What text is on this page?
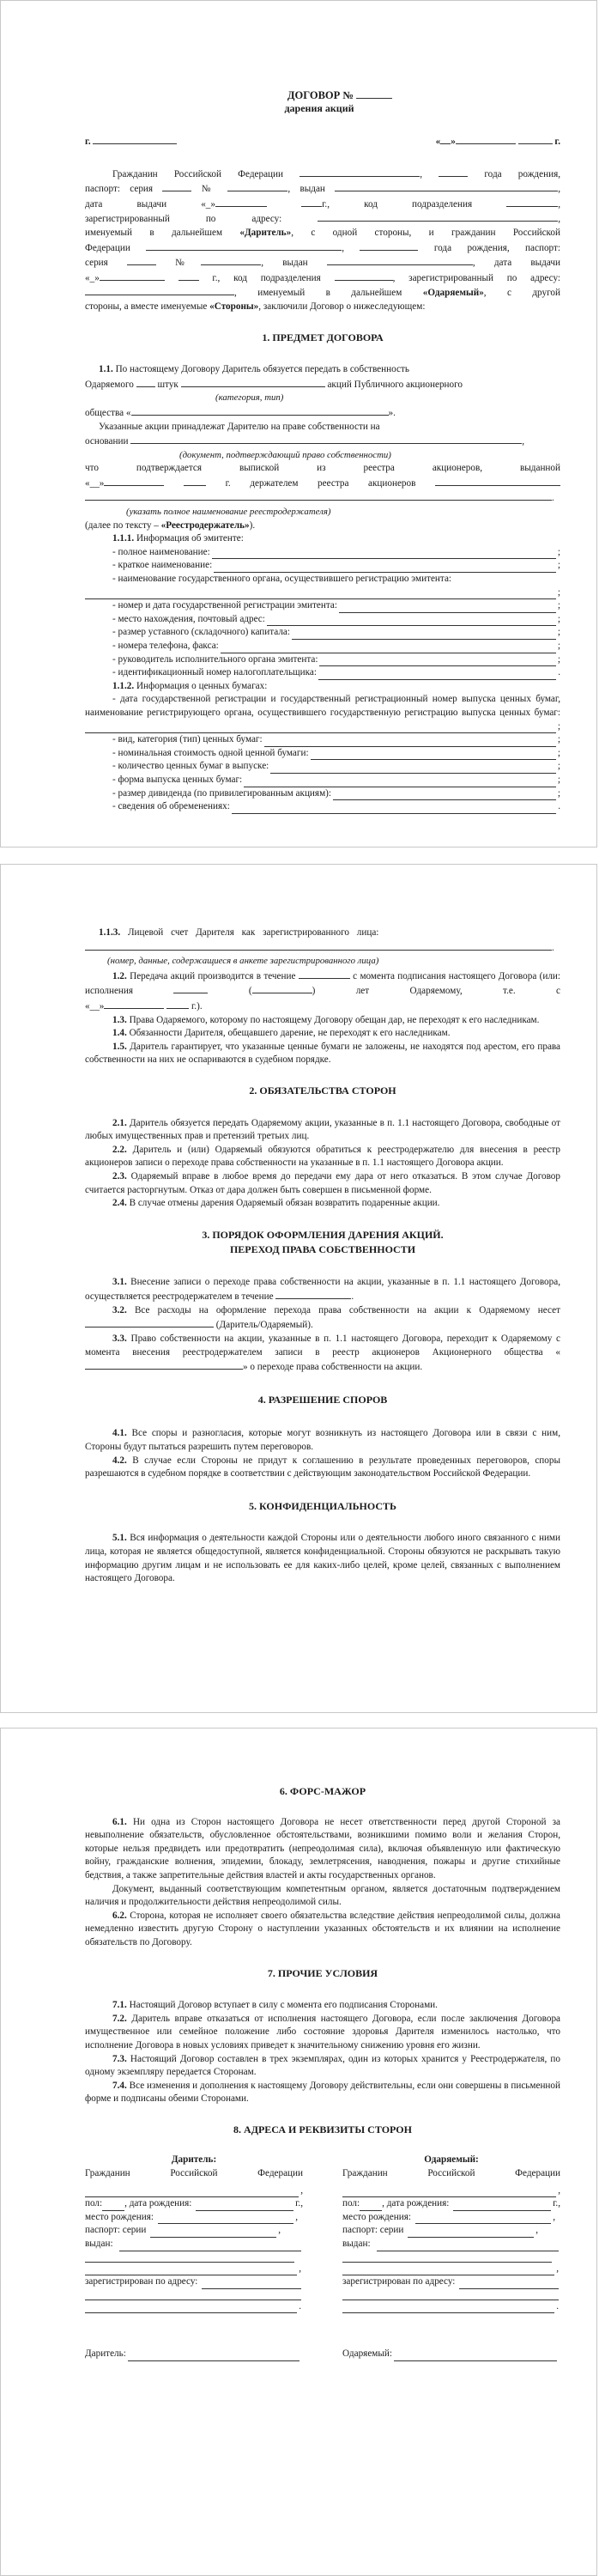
ДОГОВОР №
дарения акций
г.	« »	г.

Гражданин Российской Федерации	,	года рождения,

паспорт: серия	№	, выдан	,

дата выдачи «_»	г., код подразделения	,

зарегистрированный по адресу:	,

именуемый в дальнейшем «Даритель», с одной стороны, и гражданин Российской

Федерации	,	года рождения, паспорт:

серия	№	, выдан	, дата выдачи

«_»	г., код подразделения	, зарегистрированный по адресу:

, именуемый в дальнейшем «Одаряемый», с другой

стороны, а вместе именуемые «Стороны», заключили Договор о нижеследующем:

1. ПРЕДМЕТ ДОГОВОРА

1.1. По настоящему Договору Даритель обязуется передать в собственность

Одаряемого штук	акций Публичного акционерного

(категория, тип)

общества «	».

Указанные акции принадлежат Дарителю на праве собственности на

основании	,

(документ, подтверждающий право собственности)

что подтверждается выпиской из реестра акционеров, выданной

«__»	г. держателем реестра акционеров

.

(указать полное наименование реестродержателя)

(далее по тексту – «Реестродержатель»).

1.1.1. Информация об эмитенте:

- полное наименование:	;
- краткое наименование:	;
- наименование государственного органа, осуществившего регистрацию эмитента:
;
- номер и дата государственной регистрации эмитента:	;
- место нахождения, почтовый адрес:	;
- размер уставного (складочного) капитала:	;
- номера телефона, факса:	;
- руководитель исполнительного органа эмитента:	;
- идентификационный номер налогоплательщика:	.

1.1.2. Информация о ценных бумагах:

- дата государственной регистрации и государственный регистрационный номер выпуска ценных бумаг, наименование регистрирующего органа, осуществившего государственную регистрацию выпуска ценных бумаг:

;
- вид, категория (тип) ценных бумаг:	;
- номинальная стоимость одной ценной бумаги:	;
- количество ценных бумаг в выпуске:	;
- форма выпуска ценных бумаг:	;
- размер дивиденда (по привилегированным акциям):	;
- сведения об обременениях:	.

1.1.3. Лицевой счет Дарителя как зарегистрированного лица:

.

(номер, данные, содержащиеся в анкете зарегистрированного лица)

1.2. Передача акций производится в течение	с момента подписания настоящего Договора (или: исполнения	(	) лет Одаряемому, т.е. с

«__»	г.).

1.3. Права Одаряемого, которому по настоящему Договору обещан дар, не переходят к его наследникам.

1.4. Обязанности Дарителя, обещавшего дарение, не переходят к его наследникам.

1.5. Даритель гарантирует, что указанные ценные бумаги не заложены, не находятся под арестом, его права собственности на них не оспариваются в судебном порядке.

2. ОБЯЗАТЕЛЬСТВА СТОРОН

2.1. Даритель обязуется передать Одаряемому акции, указанные в п. 1.1 настоящего Договора, свободные от любых имущественных прав и претензий третьих лиц.

2.2. Даритель и (или) Одаряемый обязуются обратиться к реестродержателю для внесения в реестр акционеров записи о переходе права собственности на указанные в п. 1.1 настоящего Договора акции.

2.3. Одаряемый вправе в любое время до передачи ему дара от него отказаться. В этом случае Договор считается расторгнутым. Отказ от дара должен быть совершен в письменной форме.

2.4. В случае отмены дарения Одаряемый обязан возвратить подаренные акции.

3. ПОРЯДОК ОФОРМЛЕНИЯ ДАРЕНИЯ АКЦИЙ.
ПЕРЕХОД ПРАВА СОБСТВЕННОСТИ

3.1. Внесение записи о переходе права собственности на акции, указанные в п. 1.1 настоящего Договора, осуществляется реестродержателем в течение	.

3.2. Все расходы на оформление перехода права собственности на акции к Одаряемому несет  (Даритель/Одаряемый).

3.3. Право собственности на акции, указанные в п. 1.1 настоящего Договора, переходит к Одаряемому с момента внесения реестродержателем записи в реестр акционеров Акционерного общества «» о переходе права собственности на акции.

4. РАЗРЕШЕНИЕ СПОРОВ

4.1. Все споры и разногласия, которые могут возникнуть из настоящего Договора или в связи с ним, Стороны будут пытаться разрешить путем переговоров.

4.2. В случае если Стороны не придут к соглашению в результате проведенных переговоров, споры разрешаются в судебном порядке в соответствии с действующим законодательством Российской Федерации.

5. КОНФИДЕНЦИАЛЬНОСТЬ

5.1. Вся информация о деятельности каждой Стороны или о деятельности любого иного связанного с ними лица, которая не является общедоступной, является конфиденциальной. Стороны обязуются не раскрывать такую информацию другим лицам и не использовать ее для каких-либо целей, кроме целей, связанных с выполнением настоящего Договора.

6. ФОРС-МАЖОР

6.1. Ни одна из Сторон настоящего Договора не несет ответственности перед другой Стороной за невыполнение обязательств, обусловленное обстоятельствами, возникшими помимо воли и желания Сторон, которые нельзя предвидеть или предотвратить (непреодолимая сила), включая объявленную или фактическую войну, гражданские волнения, эпидемии, блокаду, землетрясения, наводнения, пожары и другие стихийные бедствия, а также запретительные действия властей и акты государственных органов.

Документ, выданный соответствующим компетентным органом, является достаточным подтверждением наличия и продолжительности действия непреодолимой силы.

6.2. Сторона, которая не исполняет своего обязательства вследствие действия непреодолимой силы, должна немедленно известить другую Сторону о наступлении указанных обстоятельств и их влиянии на исполнение обязательств по Договору.

7. ПРОЧИЕ УСЛОВИЯ

7.1. Настоящий Договор вступает в силу с момента его подписания Сторонами.

7.2. Даритель вправе отказаться от исполнения настоящего Договора, если после заключения Договора имущественное или семейное положение либо состояние здоровья Дарителя изменилось настолько, что исполнение Договора в новых условиях приведет к значительному снижению уровня его жизни.

7.3. Настоящий Договор составлен в трех экземплярах, один из которых хранится у Реестродержателя, по одному экземпляру передается Сторонам.

7.4. Все изменения и дополнения к настоящему Договору действительны, если они совершены в письменной форме и подписаны обеими Сторонами.

8. АДРЕСА И РЕКВИЗИТЫ СТОРОН
Даритель:

Гражданин Российской Федерации

,
пол: , дата рождения:
	г.,
место рождения:
	,
паспорт: серии
	,
выдан:

,
зарегистрирован по адресу:

.
Даритель:
Одаряемый:

Гражданин Российской Федерации

,
пол: , дата рождения:
	г.,
место рождения:
	,
паспорт: серии
	,
выдан:

,
зарегистрирован по адресу:

.
Одаряемый:
